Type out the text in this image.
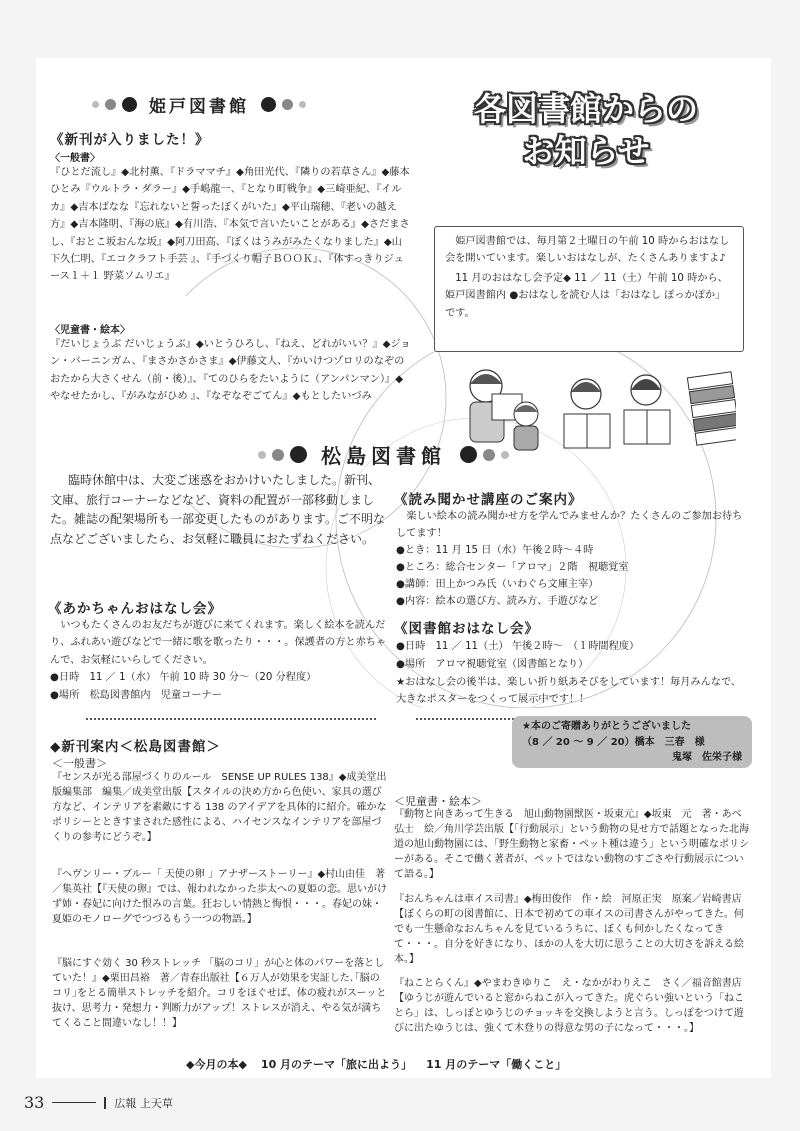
姫戸図書館
《新刊が入りました！》
〈一般書〉
『ひとだ流し』◆北村薫、『ドラママチ』◆角田光代、『隣りの若草さん』◆藤本ひとみ『ウルトラ・ダラー』◆手嶋龍一、『となり町戦争』◆三崎亜紀、『イルカ』◆吉本ばなな『忘れないと誓ったぼくがいた』◆平山瑞穂、『老いの越え方』◆吉本隆明、『海の底』◆有川浩、『本気で言いたいことがある』◆さだまさし、『おとこ坂おんな坂』◆阿刀田高、『ぼくはうみがみたくなりました』◆山下久仁明、『エコクラフト手芸 』、『手づくり帽子ＢＯＯＫ』、『体すっきりジュース１＋１ 野菜ソムリエ』
〈児童書・絵本〉
『だいじょうぶ だいじょうぶ』◆いとうひろし、『ねえ、どれがいい？』◆ジョン・バーニンガム、『まさかさかさま』◆伊藤文人、『かいけつゾロリのなぞのおたから大さくせん（前・後）』、『てのひらをたいように（アンパンマン）』◆やなせたかし、『がみながひめ 』、『なぞなぞごてん』◆もとしたいづみ
各図書館からの
お知らせ

姫戸図書館では、毎月第２土曜日の午前 10 時からおはなし会を開いています。楽しいおはなしが、たくさんありますよ♪

11 月のおはなし会予定◆ 11 ／ 11（土）午前 10 時から、姫戸図書館内 ●おはなしを読む人は「おはなし ぽっかぽか」です。

松島図書館
臨時休館中は、大変ご迷惑をおかけいたしました。新刊、文庫、旅行コーナーなどなど、資料の配置が一部移動しました。雑誌の配架場所も一部変更したものがあります。ご不明な点などございましたら、お気軽に職員におたずねください。
《あかちゃんおはなし会》
いつもたくさんのお友だちが遊びに来てくれます。楽しく絵本を読んだり、ふれあい遊びなどで一緒に歌を歌ったり・・・。保護者の方と赤ちゃんで、お気軽にいらしてください。
●日時　11 ／ 1（水） 午前 10 時 30 分～（20 分程度）
●場所　松島図書館内　児童コーナー
《読み聞かせ講座のご案内》
楽しい絵本の読み聞かせ方を学んでみませんか？たくさんのご参加お待ちしてます！
●とき：11 月 15 日（水）午後２時～４時
●ところ：総合センター「アロマ」２階　視聴覚室
●講師：田上かつみ氏（いわぐら文庫主宰）
●内容：絵本の選び方、読み方、手遊びなど
《図書館おはなし会》
●日時　11 ／ 11（土） 午後２時～　（１時間程度）
●場所　アロマ視聴覚室（図書館となり）
★おはなし会の後半は、楽しい折り紙あそびをしています！毎月みんなで、大きなポスターをつくって展示中です！！
★本のご寄贈ありがとうございました
（8 ／ 20 ～ 9 ／ 20）橋本　三春　様
鬼塚　佐栄子様
◆新刊案内＜松島図書館＞
＜一般書＞
『センスが光る部屋づくりのルール　SENSE UP RULES 138』◆成美堂出版編集部　編集／成美堂出版【スタイルの決め方から色使い、家具の選び方など、インテリアを素敵にする 138 のアイデアを具体的に紹介。確かなポリシーとときすまされた感性による、ハイセンスなインテリアを部屋づくりの参考にどうぞ。】
『ヘヴンリー・ブルー「 天使の卵 」アナザーストーリー』◆村山由佳　著／集英社【『天使の卵』では、報われなかった歩太への夏姫の恋。思いがけず姉・春妃に向けた恨みの言葉。狂おしい情熱と悔恨・・・。春妃の妹・夏姫のモノローグでつづるもう一つの物語。】
『脳にすぐ効く 30 秒ストレッチ 「脳のコリ」が心と体のパワーを落としていた！』◆栗田昌裕　著／青春出版社【６万人が効果を実証した､｢脳のコリ｣をとる簡単ストレッチを紹介。コリをほぐせば、体の疲れがスーッと抜け、思考力・発想力・判断力がアップ！ストレスが消え、やる気が満ちてくること間違いなし！！】
＜児童書・絵本＞
『動物と向きあって生きる　旭山動物園獣医・坂東元』◆坂東　元　著・あべ　弘士　絵／角川学芸出版【「行動展示」という動物の見せ方で話題となった北海道の旭山動物園には、「野生動物と家畜・ペット種は違う」という明確なポリシーがある。そこで働く著者が、ペットではない動物のすごさや行動展示について語る。】
『おんちゃんは車イス司書』◆梅田俊作　作・絵　河原正実　原案／岩崎書店【ぼくらの町の図書館に、日本で初めての車イスの司書さんがやってきた。何でも一生懸命なおんちゃんを見ているうちに、ぼくも何かしたくなってきて・・・。自分を好きになり、ほかの人を大切に思うことの大切さを訴える絵本。】
『ねことらくん』◆やまわきゆりこ　え・なかがわりえこ　さく／福音館書店【ゆうじが遊んでいると窓からねこが入ってきた。虎ぐらい強いという「ねことら」は、しっぽとゆうじのチョッキを交換しようと言う。しっぽをつけて遊びに出たゆうじは、強くて木登りの得意な男の子になって・・・。】
◆今月の本◆ 10 月のテーマ「旅に出よう」 11 月のテーマ「働くこと」
33	広報 上天草
